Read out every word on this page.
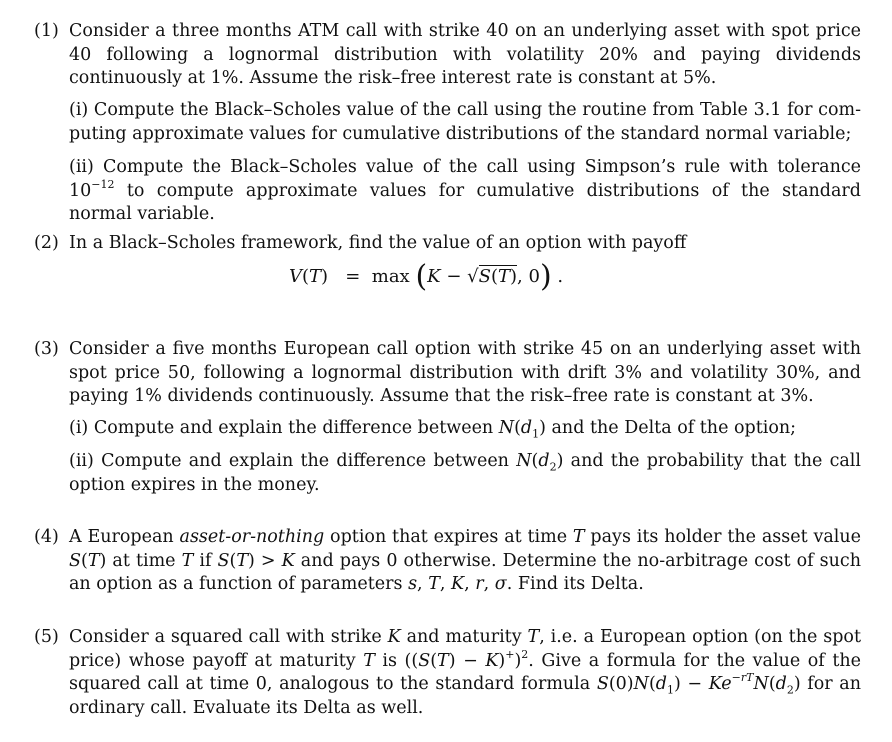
(1) Consider a three months ATM call with strike 40 on an underlying asset with spot price 40 following a lognormal distribution with volatility 20% and paying dividends continuously at 1%. Assume the risk–free interest rate is constant at 5%.
(i) Compute the Black–Scholes value of the call using the routine from Table 3.1 for com- puting approximate values for cumulative distributions of the standard normal variable;
(ii) Compute the Black–Scholes value of the call using Simpson’s rule with tolerance $10^{-12}$ to compute approximate values for cumulative distributions of the standard normal variable.
(2) In a Black–Scholes framework, find the value of an option with payoff
V(T)   =  max (K − √S(T), 0) .
(3) Consider a five months European call option with strike 45 on an underlying asset with spot price 50, following a lognormal distribution with drift 3% and volatility 30%, and paying 1% dividends continuously. Assume that the risk–free rate is constant at 3%.
(i) Compute and explain the difference between $N(d_1)$ and the Delta of the option;
(ii) Compute and explain the difference between $N(d_2)$ and the probability that the call option expires in the money.
(4) A European asset-or-nothing option that expires at time T pays its holder the asset value S(T) at time T if S(T) > K and pays 0 otherwise. Determine the no-arbitrage cost of such an option as a function of parameters s, T, K, r, σ. Find its Delta.
(5) Consider a squared call with strike K and maturity T, i.e. a European option (on the spot price) whose payoff at maturity T is $((S(T) - K)^+)^2$. Give a formula for the value of the squared call at time 0, analogous to the standard formula $S(0)N(d_1) - Ke^{-rT}N(d_2)$ for an ordinary call. Evaluate its Delta as well.
